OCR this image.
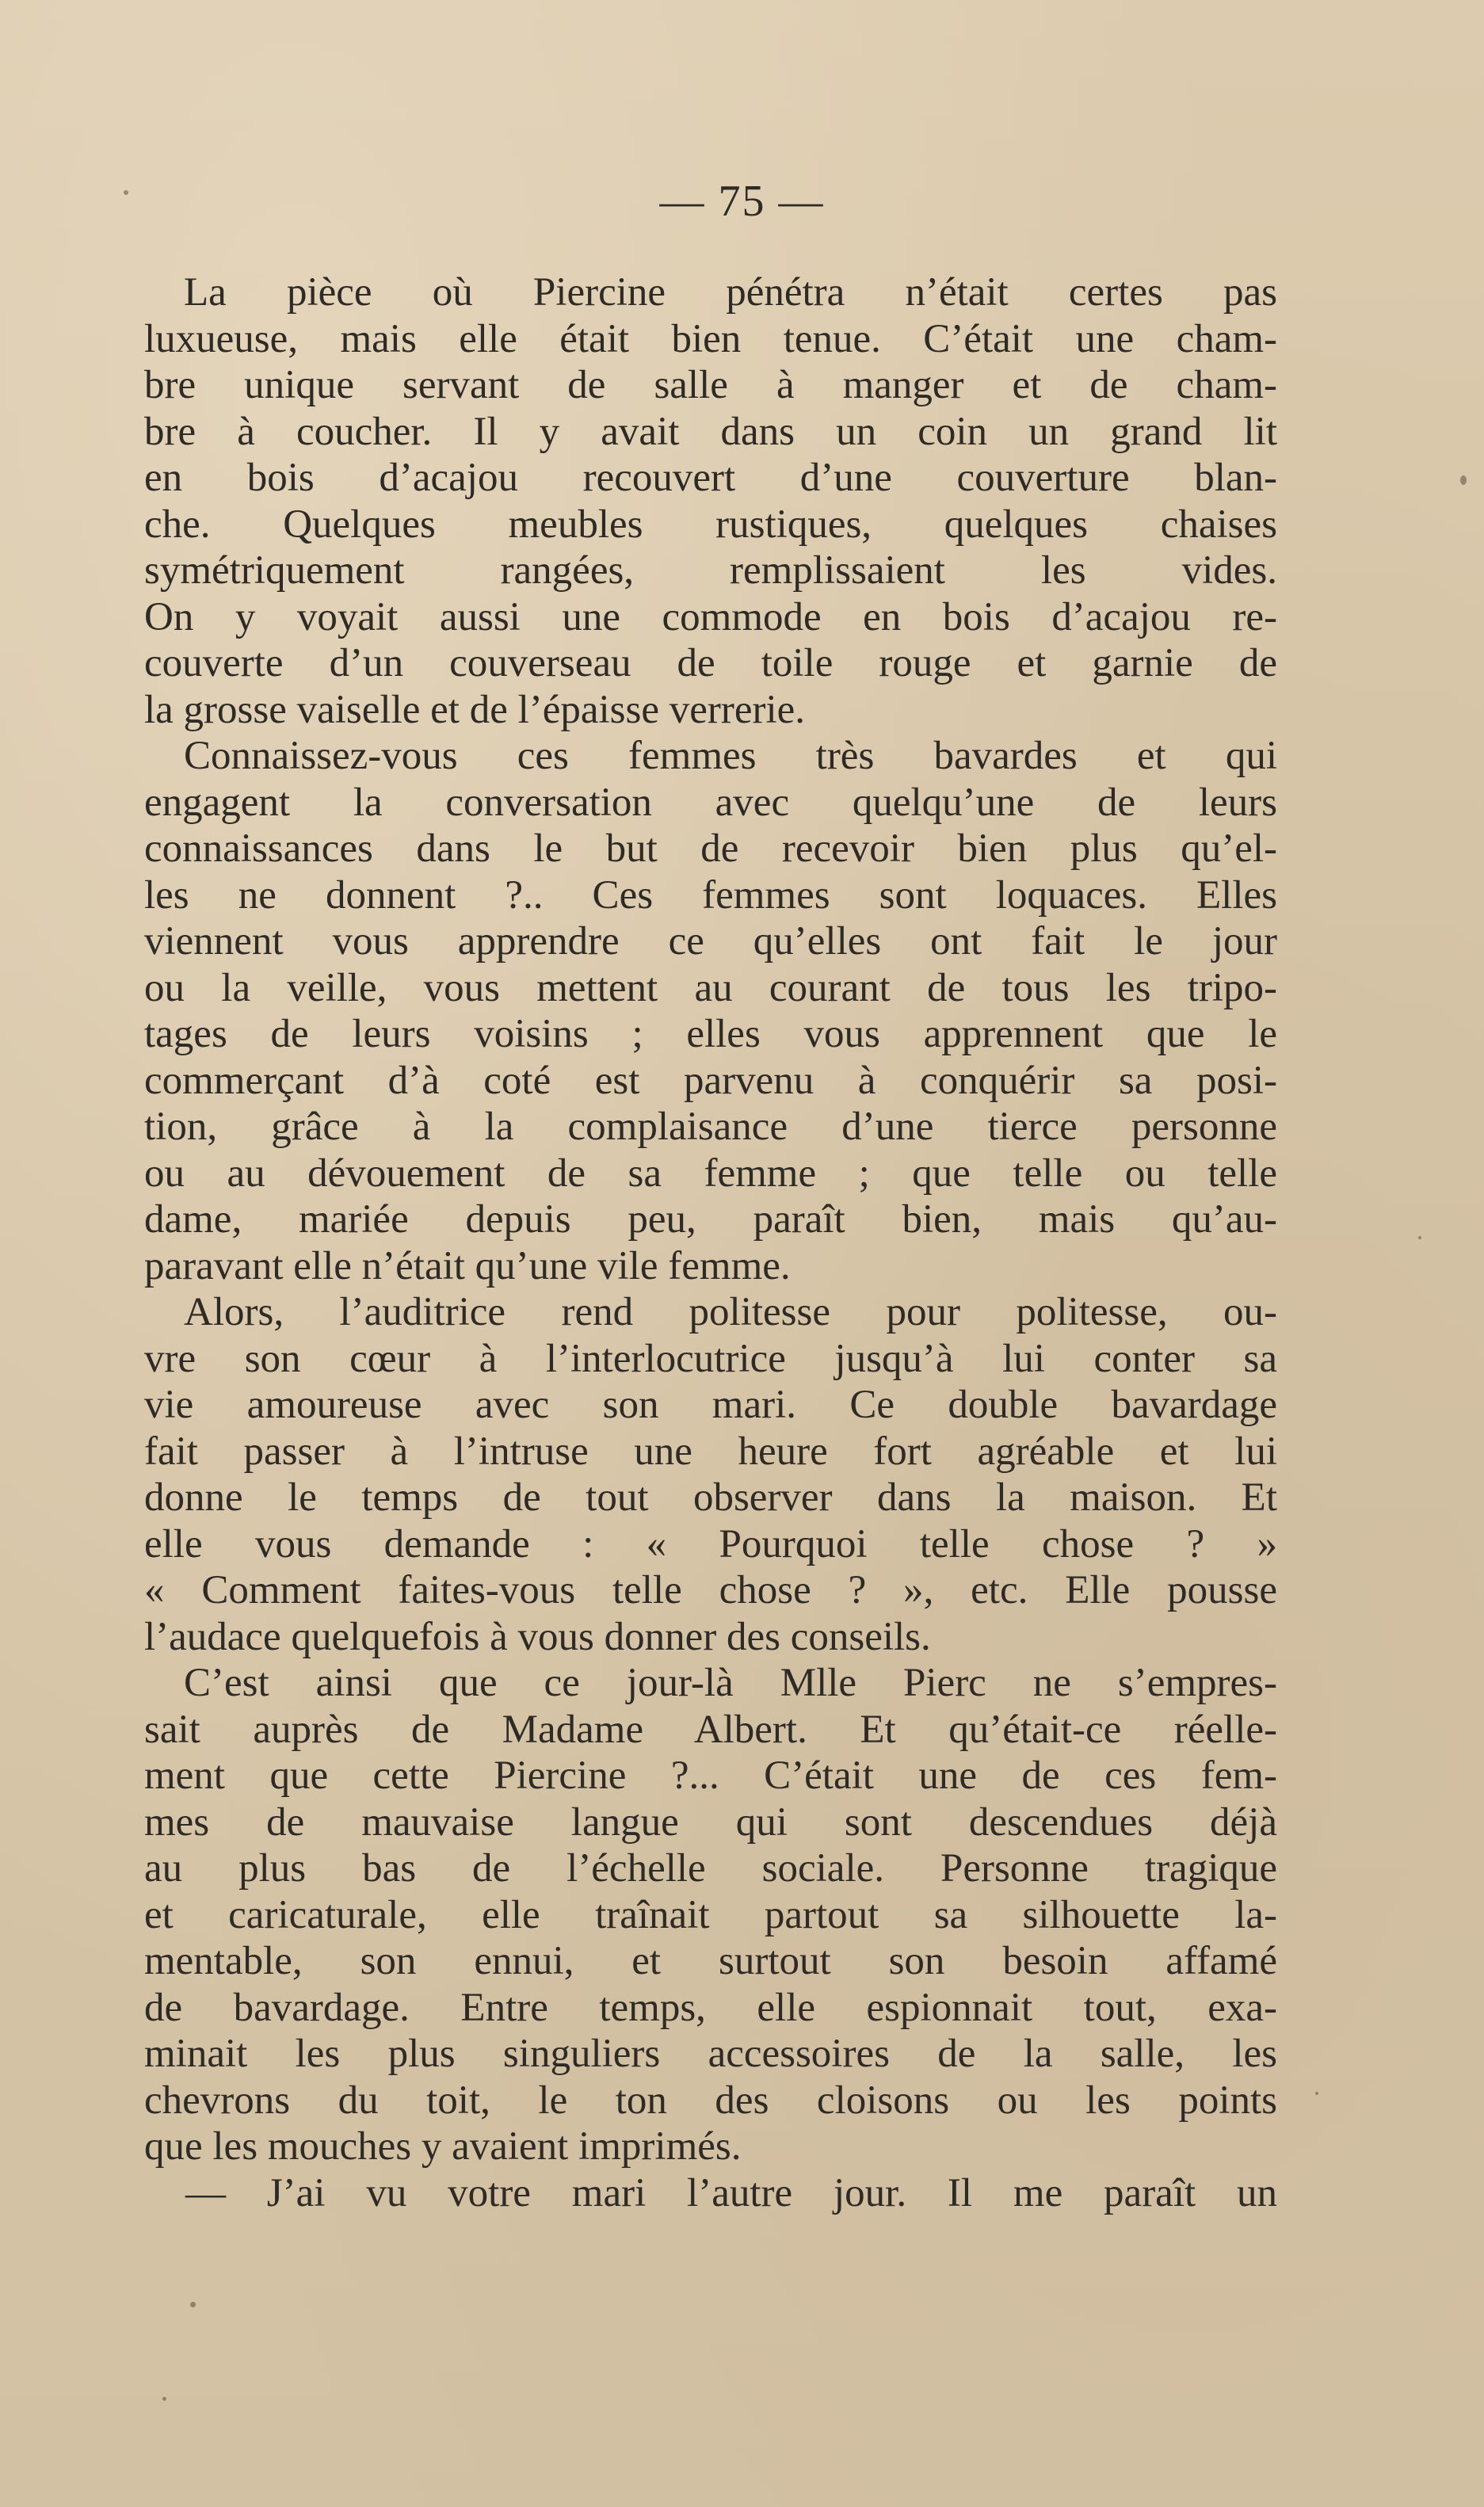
— 75 —
La pièce où Piercine pénétra n’était certes pas
luxueuse, mais elle était bien tenue. C’était une cham-
bre unique servant de salle à manger et de cham-
bre à coucher. Il y avait dans un coin un grand lit
en bois d’acajou recouvert d’une couverture blan-
che. Quelques meubles rustiques, quelques chaises
symétriquement rangées, remplissaient les vides.
On y voyait aussi une commode en bois d’acajou re-
couverte d’un couverseau de toile rouge et garnie de
la grosse vaiselle et de l’épaisse verrerie.
Connaissez-vous ces femmes très bavardes et qui
engagent la conversation avec quelqu’une de leurs
connaissances dans le but de recevoir bien plus qu’el-
les ne donnent ?.. Ces femmes sont loquaces. Elles
viennent vous apprendre ce qu’elles ont fait le jour
ou la veille, vous mettent au courant de tous les tripo-
tages de leurs voisins ; elles vous apprennent que le
commerçant d’à coté est parvenu à conquérir sa posi-
tion, grâce à la complaisance d’une tierce personne
ou au dévouement de sa femme ; que telle ou telle
dame, mariée depuis peu, paraît bien, mais qu’au-
paravant elle n’était qu’une vile femme.
Alors, l’auditrice rend politesse pour politesse, ou-
vre son cœur à l’interlocutrice jusqu’à lui conter sa
vie amoureuse avec son mari. Ce double bavardage
fait passer à l’intruse une heure fort agréable et lui
donne le temps de tout observer dans la maison. Et
elle vous demande : « Pourquoi telle chose ? »
« Comment faites-vous telle chose ? », etc. Elle pousse
l’audace quelquefois à vous donner des conseils.
C’est ainsi que ce jour-là Mlle Pierc ne s’empres-
sait auprès de Madame Albert. Et qu’était-ce réelle-
ment que cette Piercine ?... C’était une de ces fem-
mes de mauvaise langue qui sont descendues déjà
au plus bas de l’échelle sociale. Personne tragique
et caricaturale, elle traînait partout sa silhouette la-
mentable, son ennui, et surtout son besoin affamé
de bavardage. Entre temps, elle espionnait tout, exa-
minait les plus singuliers accessoires de la salle, les
chevrons du toit, le ton des cloisons ou les points
que les mouches y avaient imprimés.
— J’ai vu votre mari l’autre jour. Il me paraît un
